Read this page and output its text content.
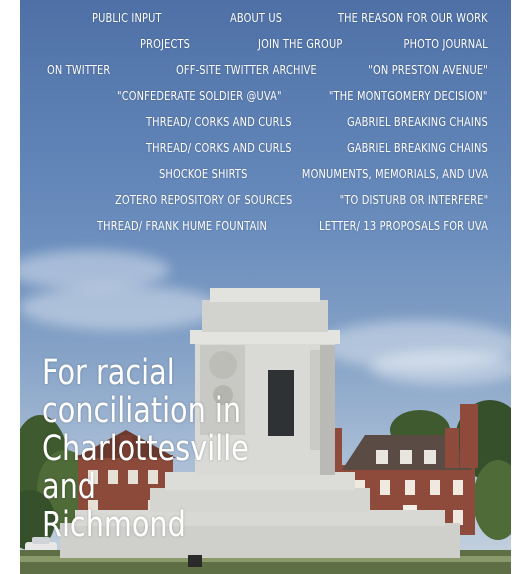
PUBLIC INPUT	ABOUT US	THE REASON FOR OUR WORK
PROJECTS	JOIN THE GROUP	PHOTO JOURNAL
ON TWITTER	OFF-SITE TWITTER ARCHIVE	"ON PRESTON AVENUE"
"CONFEDERATE SOLDIER @UVA"	"THE MONTGOMERY DECISION"
THREAD/ CORKS AND CURLS	GABRIEL BREAKING CHAINS
THREAD/ CORKS AND CURLS	GABRIEL BREAKING CHAINS
SHOCKOE SHIRTS	MONUMENTS, MEMORIALS, AND UVA
ZOTERO REPOSITORY OF SOURCES	"TO DISTURB OR INTERFERE"
THREAD/ FRANK HUME FOUNTAIN	LETTER/ 13 PROPOSALS FOR UVA
For racial
conciliation in
Charlottesville and
Richmond
